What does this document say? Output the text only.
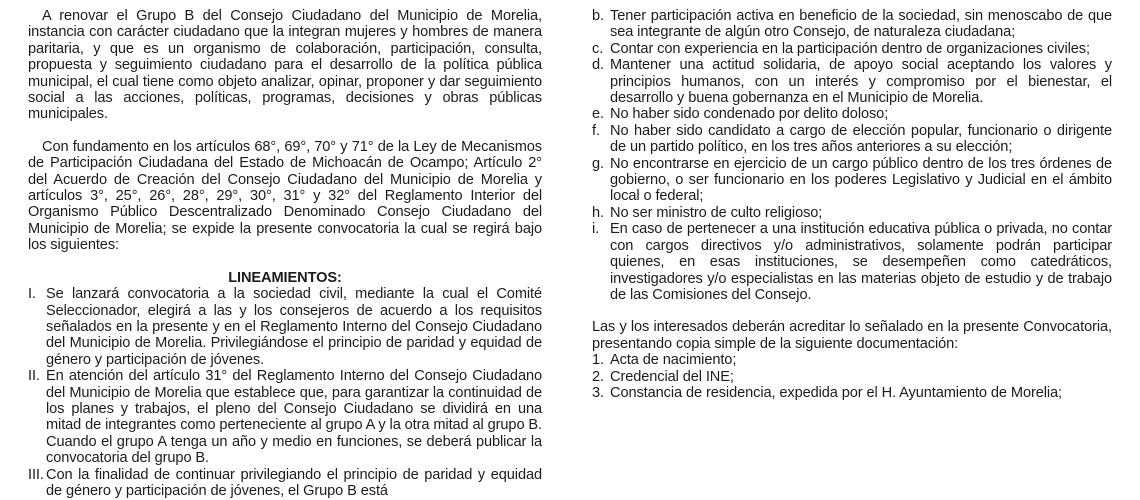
A renovar el Grupo B del Consejo Ciudadano del Municipio de Morelia, instancia con carácter ciudadano que la integran mujeres y hombres de manera paritaria, y que es un organismo de colaboración, participación, consulta, propuesta y seguimiento ciudadano para el desarrollo de la política pública municipal, el cual tiene como objeto analizar, opinar, proponer y dar seguimiento social a las acciones, políticas, programas, decisiones y obras públicas municipales.

Con fundamento en los artículos 68°, 69°, 70° y 71° de la Ley de Mecanismos de Participación Ciudadana del Estado de Michoacán de Ocampo; Artículo 2° del Acuerdo de Creación del Consejo Ciudadano del Municipio de Morelia y artículos 3°, 25°, 26°, 28°, 29°, 30°, 31° y 32° del Reglamento Interior del Organismo Público Descentralizado Denominado Consejo Ciudadano del Municipio de Morelia; se expide la presente convocatoria la cual se regirá bajo los siguientes:

LINEAMIENTOS:

I. Se lanzará convocatoria a la sociedad civil, mediante la cual el Comité Seleccionador, elegirá a las y los consejeros de acuerdo a los requisitos señalados en la presente y en el Reglamento Interno del Consejo Ciudadano del Municipio de Morelia. Privilegiándose el principio de paridad y equidad de género y participación de jóvenes.
II. En atención del artículo 31° del Reglamento Interno del Consejo Ciudadano del Municipio de Morelia que establece que, para garantizar la continuidad de los planes y trabajos, el pleno del Consejo Ciudadano se dividirá en una mitad de integrantes como perteneciente al grupo A y la otra mitad al grupo B. Cuando el grupo A tenga un año y medio en funciones, se deberá publicar la convocatoria del grupo B.
III. Con la finalidad de continuar privilegiando el principio de paridad y equidad de género y participación de jóvenes, el Grupo B está
b. Tener participación activa en beneficio de la sociedad, sin menoscabo de que sea integrante de algún otro Consejo, de naturaleza ciudadana;
c. Contar con experiencia en la participación dentro de organizaciones civiles;
d. Mantener una actitud solidaria, de apoyo social aceptando los valores y principios humanos, con un interés y compromiso por el bienestar, el desarrollo y buena gobernanza en el Municipio de Morelia.
e. No haber sido condenado por delito doloso;
f. No haber sido candidato a cargo de elección popular, funcionario o dirigente de un partido político, en los tres años anteriores a su elección;
g. No encontrarse en ejercicio de un cargo público dentro de los tres órdenes de gobierno, o ser funcionario en los poderes Legislativo y Judicial en el ámbito local o federal;
h. No ser ministro de culto religioso;
i. En caso de pertenecer a una institución educativa pública o privada, no contar con cargos directivos y/o administrativos, solamente podrán participar quienes, en esas instituciones, se desempeñen como catedráticos, investigadores y/o especialistas en las materias objeto de estudio y de trabajo de las Comisiones del Consejo.

Las y los interesados deberán acreditar lo señalado en la presente Convocatoria, presentando copia simple de la siguiente documentación:

1. Acta de nacimiento;
2. Credencial del INE;
3. Constancia de residencia, expedida por el H. Ayuntamiento de Morelia;
